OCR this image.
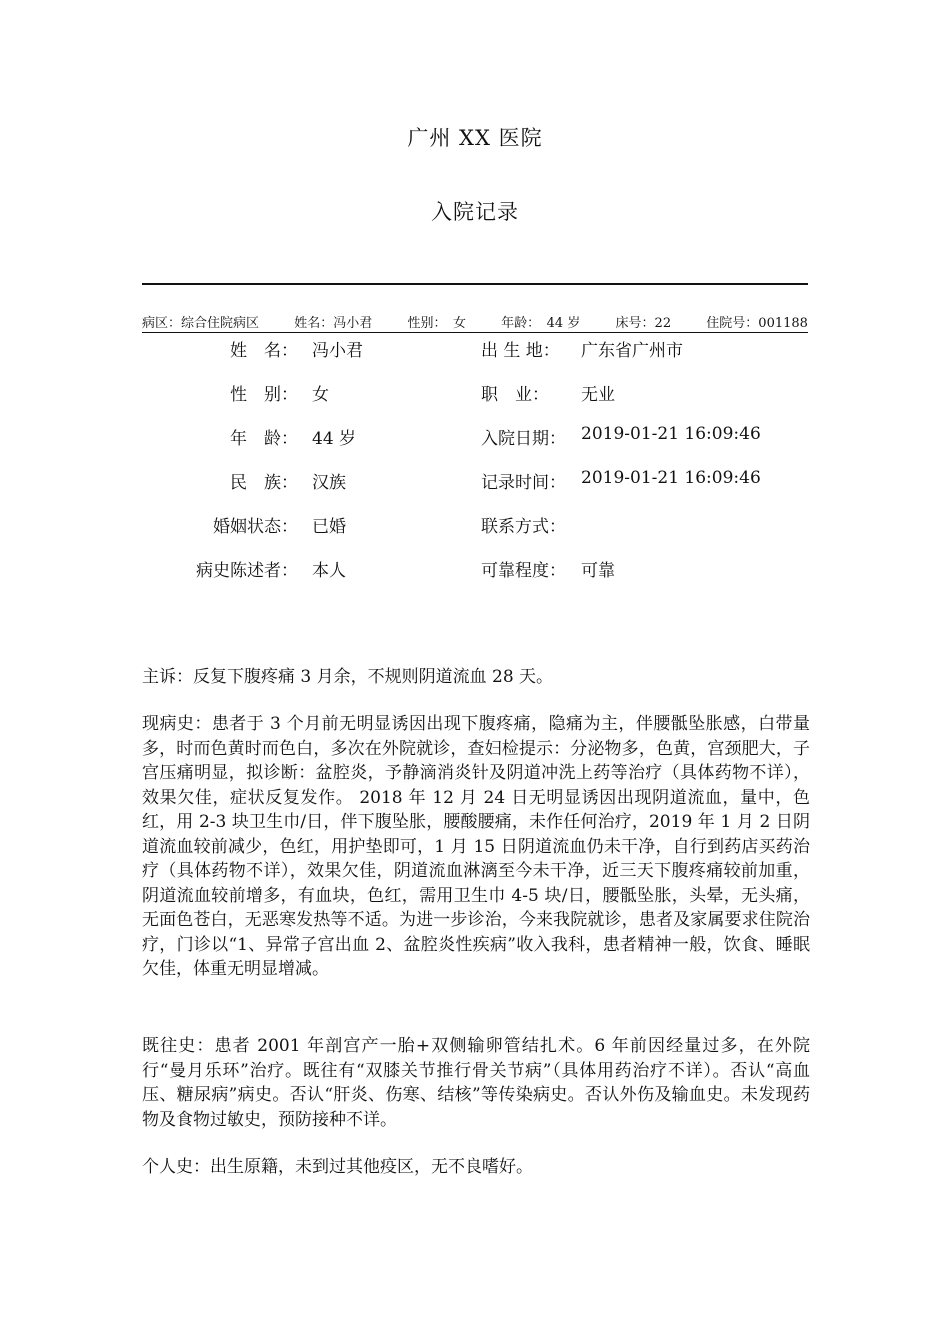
广州 XX 医院
入院记录
病区：综合住院病区	姓名：冯小君	性别：　女	年龄：　44 岁	床号：22	住院号：001188
姓　名： 冯小君	出 生 地： 广东省广州市
性　别： 女	职　业： 无业
年　龄： 44 岁	入院日期： 2019-01-21 16:09:46
民　族： 汉族	记录时间： 2019-01-21 16:09:46
婚姻状态： 已婚	联系方式：
病史陈述者： 本人	可靠程度： 可靠
主诉：反复下腹疼痛 3 月余，不规则阴道流血 28 天。
现病史：患者于 3 个月前无明显诱因出现下腹疼痛，隐痛为主，伴腰骶坠胀感，白带量多，时而色黄时而色白，多次在外院就诊，查妇检提示：分泌物多，色黄，宫颈肥大，子宫压痛明显，拟诊断：盆腔炎，予静滴消炎针及阴道冲洗上药等治疗（具体药物不详），效果欠佳，症状反复发作。 2018 年 12 月 24 日无明显诱因出现阴道流血，量中，色红，用 2-3 块卫生巾/日，伴下腹坠胀，腰酸腰痛，未作任何治疗，2019 年 1 月 2 日阴道流血较前减少，色红，用护垫即可，1 月 15 日阴道流血仍未干净，自行到药店买药治疗（具体药物不详），效果欠佳，阴道流血淋漓至今未干净，近三天下腹疼痛较前加重，阴道流血较前增多，有血块，色红，需用卫生巾 4-5 块/日，腰骶坠胀，头晕，无头痛，无面色苍白，无恶寒发热等不适。为进一步诊治，今来我院就诊，患者及家属要求住院治疗，门诊以“1、异常子宫出血 2、盆腔炎性疾病”收入我科，患者精神一般，饮食、睡眠欠佳，体重无明显增减。
既往史：患者 2001 年剖宫产一胎+双侧输卵管结扎术。6 年前因经量过多，在外院行“曼月乐环”治疗。既往有“双膝关节推行骨关节病”（具体用药治疗不详）。否认“高血压、糖尿病”病史。否认“肝炎、伤寒、结核”等传染病史。否认外伤及输血史。未发现药物及食物过敏史，预防接种不详。
个人史：出生原籍，未到过其他疫区，无不良嗜好。
